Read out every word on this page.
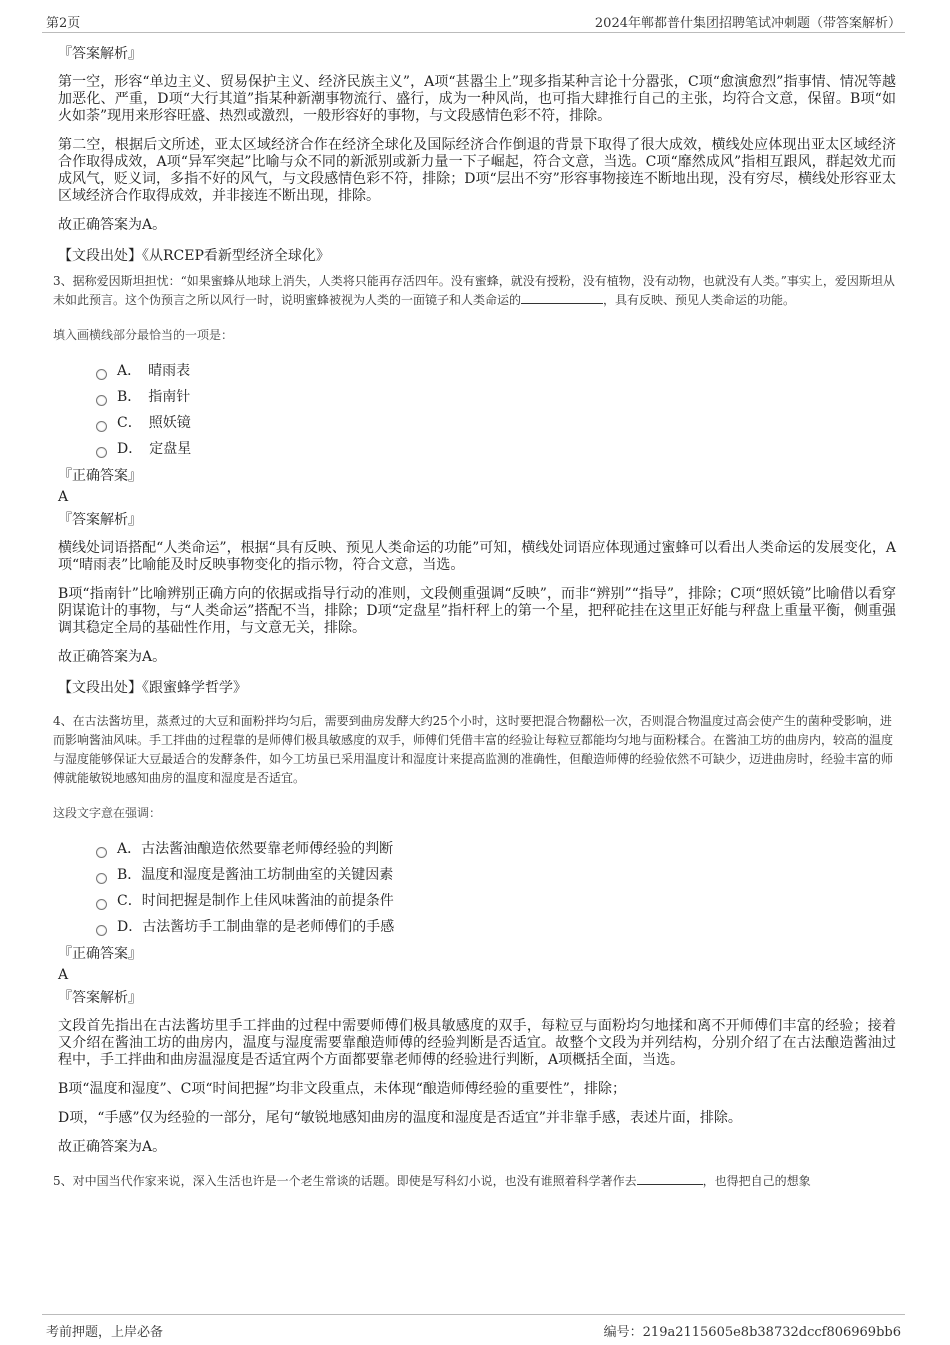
第2页	2024年郸都普什集团招聘笔试冲刺题（带答案解析）
『答案解析』

第一空，形容“单边主义、贸易保护主义、经济民族主义”，A项“甚嚣尘上”现多指某种言论十分嚣张，C项“愈演愈烈”指事情、情况等越加恶化、严重，D项“大行其道”指某种新潮事物流行、盛行，成为一种风尚，也可指大肆推行自己的主张，均符合文意，保留。B项“如火如荼”现用来形容旺盛、热烈或激烈，一般形容好的事物，与文段感情色彩不符，排除。

第二空，根据后文所述，亚太区域经济合作在经济全球化及国际经济合作倒退的背景下取得了很大成效，横线处应体现出亚太区域经济合作取得成效，A项“异军突起”比喻与众不同的新派别或新力量一下子崛起，符合文意，当选。C项“靡然成风”指相互跟风，群起效尤而成风气，贬义词，多指不好的风气，与文段感情色彩不符，排除；D项“层出不穷”形容事物接连不断地出现，没有穷尽，横线处形容亚太区域经济合作取得成效，并非接连不断出现，排除。

故正确答案为A。

【文段出处】《从RCEP看新型经济全球化》
3、据称爱因斯坦担忧：“如果蜜蜂从地球上消失，人类将只能再存活四年。没有蜜蜂，就没有授粉，没有植物，没有动物，也就没有人类。”事实上，爱因斯坦从未如此预言。这个伪预言之所以风行一时，说明蜜蜂被视为人类的一面镜子和人类命运的	，具有反映、预见人类命运的功能。
填入画横线部分最恰当的一项是：
A．　晴雨表
B．　指南针
C．　照妖镜
D．　定盘星
『正确答案』
A
『答案解析』

横线处词语搭配“人类命运”，根据“具有反映、预见人类命运的功能”可知，横线处词语应体现通过蜜蜂可以看出人类命运的发展变化，A项“晴雨表”比喻能及时反映事物变化的指示物，符合文意，当选。

B项“指南针”比喻辨别正确方向的依据或指导行动的准则，文段侧重强调“反映”，而非“辨别”“指导”，排除；C项“照妖镜”比喻借以看穿阴谋诡计的事物，与“人类命运”搭配不当，排除；D项“定盘星”指杆秤上的第一个星，把秤砣挂在这里正好能与秤盘上重量平衡，侧重强调其稳定全局的基础性作用，与文意无关，排除。

故正确答案为A。

【文段出处】《跟蜜蜂学哲学》
4、在古法酱坊里，蒸煮过的大豆和面粉拌均匀后，需要到曲房发酵大约25个小时，这时要把混合物翻松一次，否则混合物温度过高会使产生的菌种受影响，进而影响酱油风味。手工拌曲的过程靠的是师傅们极具敏感度的双手，师傅们凭借丰富的经验让每粒豆都能均匀地与面粉糅合。在酱油工坊的曲房内，较高的温度与湿度能够保证大豆最适合的发酵条件，如今工坊虽已采用温度计和湿度计来提高监测的准确性，但酿造师傅的经验依然不可缺少，迈进曲房时，经验丰富的师傅就能敏锐地感知曲房的温度和湿度是否适宜。
这段文字意在强调：
A．古法酱油酿造依然要靠老师傅经验的判断
B．温度和湿度是酱油工坊制曲室的关键因素
C．时间把握是制作上佳风味酱油的前提条件
D．古法酱坊手工制曲靠的是老师傅们的手感
『正确答案』
A
『答案解析』

文段首先指出在古法酱坊里手工拌曲的过程中需要师傅们极具敏感度的双手，每粒豆与面粉均匀地揉和离不开师傅们丰富的经验；接着又介绍在酱油工坊的曲房内，温度与湿度需要靠酿造师傅的经验判断是否适宜。故整个文段为并列结构，分别介绍了在古法酿造酱油过程中，手工拌曲和曲房温湿度是否适宜两个方面都要靠老师傅的经验进行判断，A项概括全面，当选。

B项“温度和湿度”、C项“时间把握”均非文段重点，未体现“酿造师傅经验的重要性”，排除；

D项，“手感”仅为经验的一部分，尾句“敏锐地感知曲房的温度和湿度是否适宜”并非靠手感，表述片面，排除。

故正确答案为A。

5、对中国当代作家来说，深入生活也许是一个老生常谈的话题。即使是写科幻小说，也没有谁照着科学著作去	，也得把自己的想象
考前押题，上岸必备	编号：219a2115605e8b38732dccf806969bb6
